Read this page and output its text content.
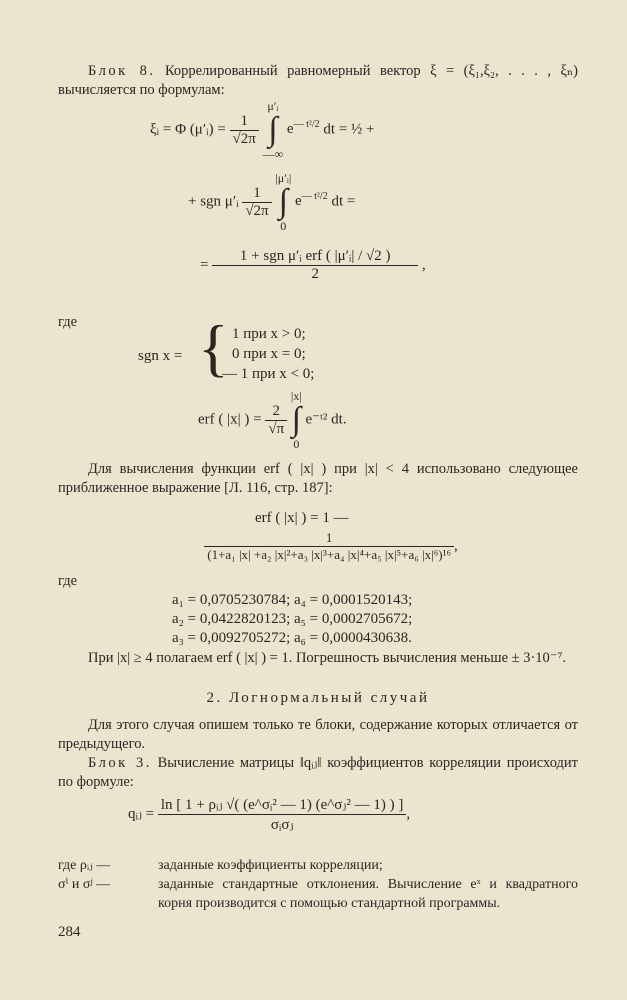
Блок 8. Коррелированный равномерный вектор ξ = (ξ₁,ξ₂, . . . , ξₙ) вычисляется по формулам:
ξᵢ = Φ (μ′ᵢ) = $\frac{1}{√2\pi}$
μ′ᵢ
∫
—∞ $e^{— t^2/2}$ dt = ½ +
+ sgn μ′ᵢ $\frac{1}{√2\pi}$
|μ′ᵢ|
∫
0 $e^{— t^2/2}$ dt =
= $\frac{\text{1 + sgn μ′ᵢ erf ( |μ′ᵢ| / √2 )}}{2}$ ,
где
sgn x = { 1 при x > 0;
0 при x = 0;
— 1 при x < 0;
erf ( |x| ) = $\frac{2}{√\pi}$
|x|
∫
0 e⁻ᵗ² dt.
Для вычисления функции erf ( |x| ) при |x| < 4 использовано следующее приближенное выражение [Л. 116, стр. 187]:
erf ( |x| ) = 1 —
$\frac{1}{\text{(1+a₁ |x| +a₂ |x|²+a₃ |x|³+a₄ |x|⁴+a₅ |x|⁵+a₆ |x|⁶)¹⁶}}$ ,
где
a₁ = 0,0705230784; a₄ = 0,0001520143;
a₂ = 0,0422820123; a₅ = 0,0002705672;
a₃ = 0,0092705272; a₆ = 0,0000430638.
При |x| ≥ 4 полагаем erf ( |x| ) = 1. Погрешность вычисления меньше ± 3·10⁻⁷.
2. Логнормальный случай
Для этого случая опишем только те блоки, содержание которых отличается от предыдущего.
Блок 3. Вычисление матрицы ‖qᵢⱼ‖ коэффициентов корреляции происходит по формуле:
qᵢⱼ = $\frac{\text{ln [ 1 + ρᵢⱼ √( (e\textasciicircum{}σᵢ² — 1) (e\textasciicircum{}σⱼ² — 1) ) ]}}{\text{σᵢσⱼ}}$ ,
где ρᵢⱼ —	заданные коэффициенты корреляции;
σⁱ и σʲ —	заданные стандартные отклонения. Вычисление eˣ и квадратного корня производится с помощью стандартной программы.
284
